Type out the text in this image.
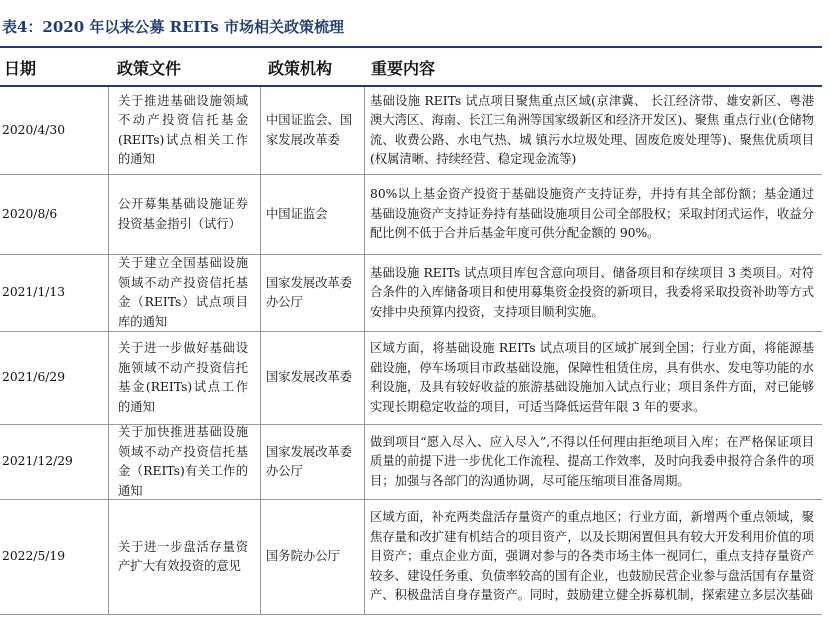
表4：2020 年以来公募 REITs 市场相关政策梳理
日期	政策文件	政策机构 重要内容
2020/4/30
关于推进基础设施领域不动产投资信托基金(REITs)试点相关工作的通知
中国证监会、国家发展改革委
基础设施 REITs 试点项目聚焦重点区域(京津冀、 长江经济带、雄安新区、粤港澳大湾区、海南、长江三角洲等国家级新区和经济开发区)、聚焦 重点行业(仓储物流、收费公路、水电气热、城 镇污水垃圾处理、固废危废处理等)、聚焦优质项目(权属清晰、持续经营、稳定现金流等)
2020/8/6
公开募集基础设施证券投资基金指引（试行）
中国证监会
80%以上基金资产投资于基础设施资产支持证券，并持有其全部份额；基金通过基础设施资产支持证券持有基础设施项目公司全部股权；采取封闭式运作，收益分配比例不低于合并后基金年度可供分配金额的 90%。
2021/1/13
关于建立全国基础设施领域不动产投资信托基金（REITs）试点项目库的通知
国家发展改革委办公厅
基础设施 REITs 试点项目库包含意向项目、储备项目和存续项目 3 类项目。对符合条件的入库储备项目和使用募集资金投资的新项目，我委将采取投资补助等方式安排中央预算内投资，支持项目顺利实施。
2021/6/29
关于进一步做好基础设施领域不动产投资信托基金(REITs)试点工作的通知
国家发展改革委
区域方面，将基础设施 REITs 试点项目的区域扩展到全国；行业方面，将能源基础设施，停车场项目市政基础设施，保障性租赁住房，具有供水、发电等功能的水利设施，及具有较好收益的旅游基础设施加入试点行业；项目条件方面，对已能够实现长期稳定收益的项目，可适当降低运营年限 3 年的要求。
2021/12/29
关于加快推进基础设施领域不动产投资信托基金（REITs)有关工作的通知
国家发展改革委办公厅
做到项目“愿入尽入、应入尽入”,不得以任何理由拒绝项目入库；在严格保证项目质量的前提下进一步优化工作流程、提高工作效率，及时向我委申报符合条件的项目；加强与各部门的沟通协调，尽可能压缩项目准备周期。
2022/5/19
关于进一步盘活存量资产扩大有效投资的意见
国务院办公厅
区域方面，补充两类盘活存量资产的重点地区；行业方面，新增两个重点领域，聚焦存量和改扩建有机结合的项目资产，以及长期闲置但具有较大开发利用价值的项目资产；重点企业方面，强调对参与的各类市场主体一视同仁，重点支持存量资产较多、建设任务重、负债率较高的国有企业，也鼓励民营企业参与盘活国有存量资产、积极盘活自身存量资产。同时，鼓励建立健全拆募机制，探索建立多层次基础
